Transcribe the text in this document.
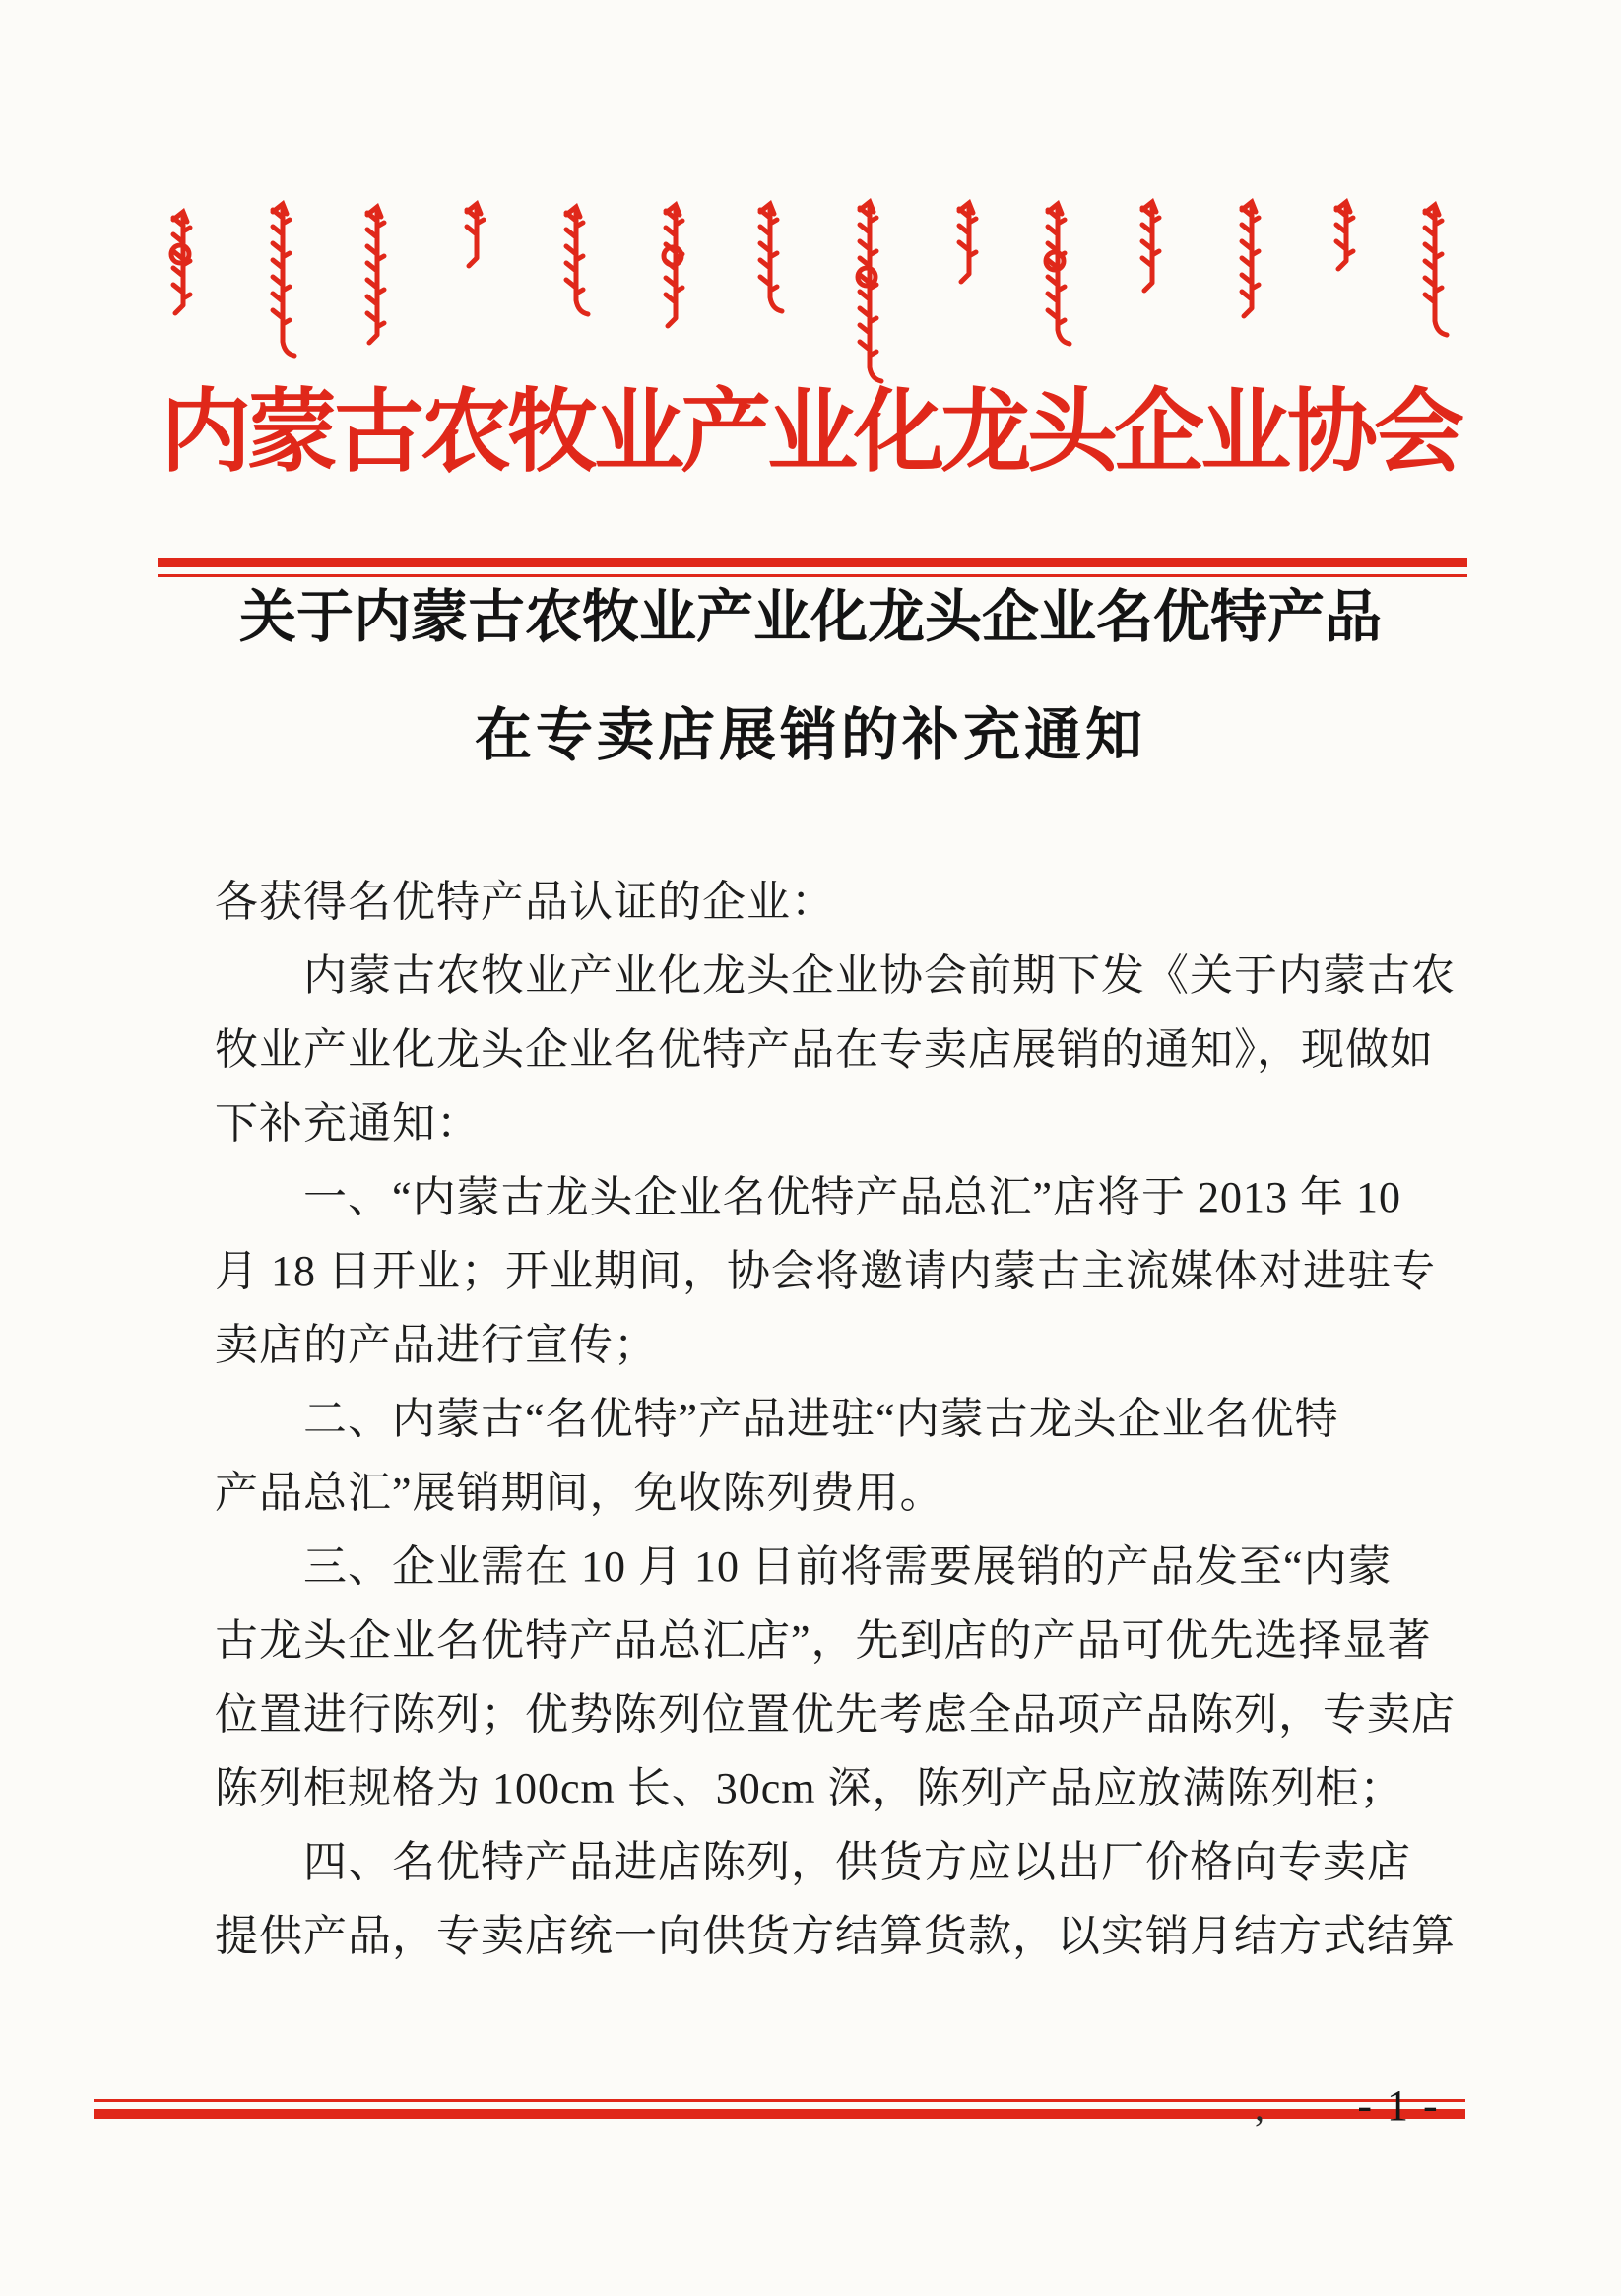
内蒙古农牧业产业化龙头企业协会
关于内蒙古农牧业产业化龙头企业名优特产品
在专卖店展销的补充通知
各获得名优特产品认证的企业：
内蒙古农牧业产业化龙头企业协会前期下发《关于内蒙古农
牧业产业化龙头企业名优特产品在专卖店展销的通知》，现做如
下补充通知：
一、“内蒙古龙头企业名优特产品总汇”店将于 2013 年 10
月 18 日开业；开业期间，协会将邀请内蒙古主流媒体对进驻专
卖店的产品进行宣传；
二、内蒙古“名优特”产品进驻“内蒙古龙头企业名优特
产品总汇”展销期间，免收陈列费用。
三、企业需在 10 月 10 日前将需要展销的产品发至“内蒙
古龙头企业名优特产品总汇店”，先到店的产品可优先选择显著
位置进行陈列；优势陈列位置优先考虑全品项产品陈列，专卖店
陈列柜规格为 100cm 长、30cm 深，陈列产品应放满陈列柜；
四、名优特产品进店陈列，供货方应以出厂价格向专卖店
提供产品，专卖店统一向供货方结算货款，以实销月结方式结算
- 1 -
’
